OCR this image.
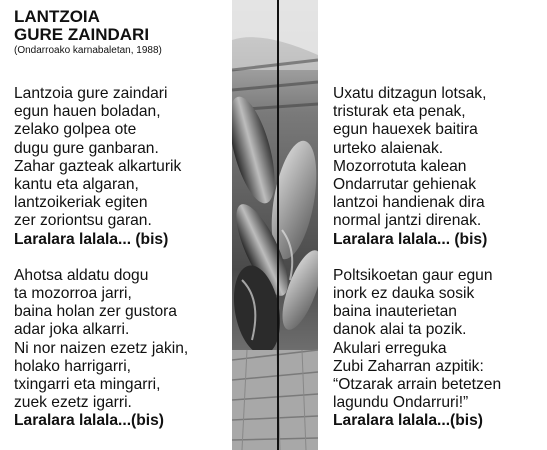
LANTZOIA
GURE ZAINDARI
(Ondarroako karnabaletan, 1988)
Lantzoia gure zaindari
egun hauen boladan,
zelako golpea ote
dugu gure ganbaran.
Zahar gazteak alkarturik
kantu eta algaran,
lantzoikeriak egiten
zer zoriontsu garan.
Laralara lalala... (bis)
Ahotsa aldatu dogu
ta mozorroa jarri,
baina holan zer gustora
adar joka alkarri.
Ni nor naizen ezetz jakin,
holako harrigarri,
txingarri eta mingarri,
zuek ezetz igarri.
Laralara lalala...(bis)
Uxatu ditzagun lotsak,
tristurak eta penak,
egun hauexek baitira
urteko alaienak.
Mozorrotuta kalean
Ondarrutar gehienak
lantzoi handienak dira
normal jantzi direnak.
Laralara lalala... (bis)
Poltsikoetan gaur egun
inork ez dauka sosik
baina inauterietan
danok alai ta pozik.
Akulari erreguka
Zubi Zaharran azpitik:
“Otzarak arrain betetzen
lagundu Ondarruri!”
Laralara lalala...(bis)
